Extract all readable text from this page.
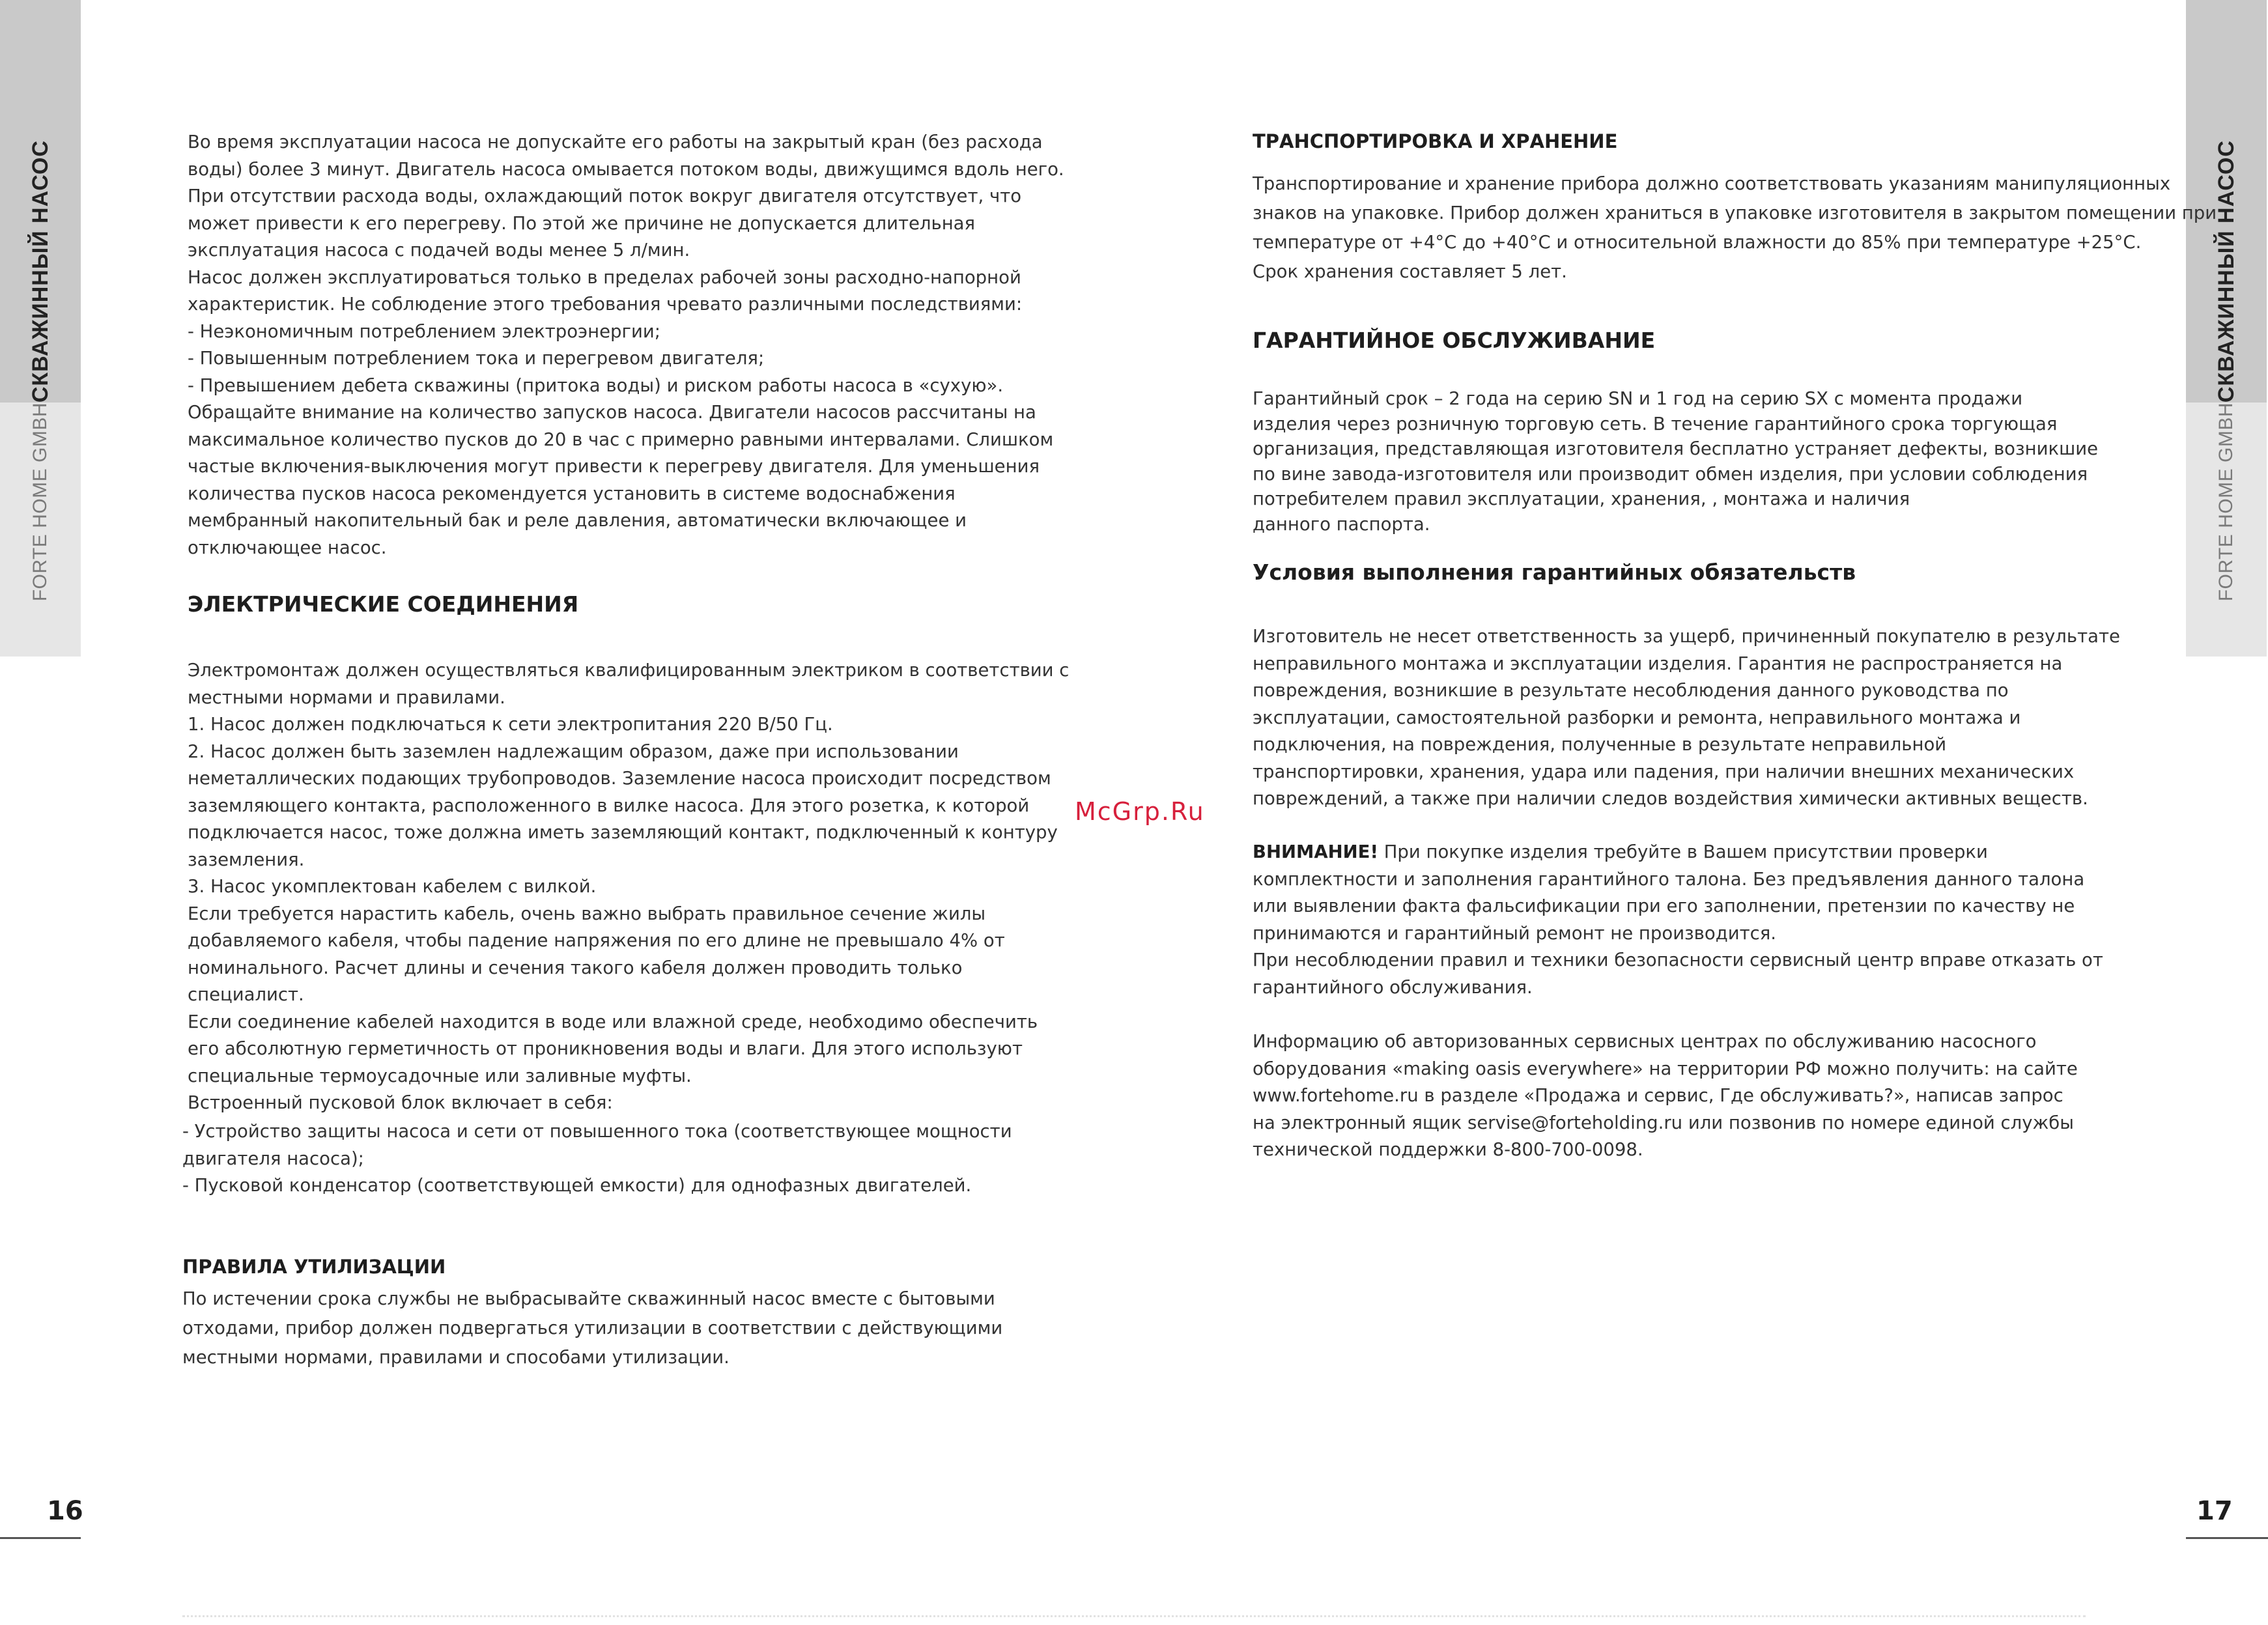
СКВАЖИННЫЙ НАСОС
FORTE HOME GMBH
СКВАЖИННЫЙ НАСОС
FORTE HOME GMBH
16	17
McGrp.Ru
Во время эксплуатации насоса не допускайте его работы на закрытый кран (без расхода
воды) более 3 минут. Двигатель насоса омывается потоком воды, движущимся вдоль него.
При отсутствии расхода воды, охлаждающий поток вокруг двигателя отсутствует, что
может привести к его перегреву. По этой же причине не допускается длительная
эксплуатация насоса с подачей воды менее 5 л/мин.
Насос должен эксплуатироваться только в пределах рабочей зоны расходно-напорной
характеристик. Не соблюдение этого требования чревато различными последствиями:
- Неэкономичным потреблением электроэнергии;
- Повышенным потреблением тока и перегревом двигателя;
- Превышением дебета скважины (притока воды) и риском работы насоса в «сухую».
Обращайте внимание на количество запусков насоса. Двигатели насосов рассчитаны на
максимальное количество пусков до 20 в час с примерно равными интервалами. Слишком
частые включения-выключения могут привести к перегреву двигателя. Для уменьшения
количества пусков насоса рекомендуется установить в системе водоснабжения
мембранный накопительный бак и реле давления, автоматически включающее и
отключающее насос.
ЭЛЕКТРИЧЕСКИЕ СОЕДИНЕНИЯ
Электромонтаж должен осуществляться квалифицированным электриком в соответствии с
местными нормами и правилами.
1. Насос должен подключаться к сети электропитания 220 В/50 Гц.
2. Насос должен быть заземлен надлежащим образом, даже при использовании
неметаллических подающих трубопроводов. Заземление насоса происходит посредством
заземляющего контакта, расположенного в вилке насоса. Для этого розетка, к которой
подключается насос, тоже должна иметь заземляющий контакт, подключенный к контуру
заземления.
3. Насос укомплектован кабелем с вилкой.
Если требуется нарастить кабель, очень важно выбрать правильное сечение жилы
добавляемого кабеля, чтобы падение напряжения по его длине не превышало 4% от
номинального. Расчет длины и сечения такого кабеля должен проводить только
специалист.
Если соединение кабелей находится в воде или влажной среде, необходимо обеспечить
его абсолютную герметичность от проникновения воды и влаги. Для этого используют
специальные термоусадочные или заливные муфты.
Встроенный пусковой блок включает в себя:
- Устройство защиты насоса и сети от повышенного тока (соответствующее мощности
двигателя насоса);
- Пусковой конденсатор (соответствующей емкости) для однофазных двигателей.
ПРАВИЛА УТИЛИЗАЦИИ
По истечении срока службы не выбрасывайте скважинный насос вместе с бытовыми
отходами, прибор должен подвергаться утилизации в соответствии с действующими
местными нормами, правилами и способами утилизации.
ТРАНСПОРТИРОВКА И ХРАНЕНИЕ
Транспортирование и хранение прибора должно соответствовать указаниям манипуляционных
знаков на упаковке. Прибор должен храниться в упаковке изготовителя в закрытом помещении при
температуре от +4°С до +40°С и относительной влажности до 85% при температуре +25°С.
Срок хранения составляет 5 лет.
ГАРАНТИЙНОЕ ОБСЛУЖИВАНИЕ
Гарантийный срок – 2 года на серию SN и 1 год на серию SX с момента продажи
изделия через розничную торговую сеть. В течение гарантийного срока торгующая
организация, представляющая изготовителя бесплатно устраняет дефекты, возникшие
по вине завода-изготовителя или производит обмен изделия, при условии соблюдения
потребителем правил эксплуатации, хранения, , монтажа и наличия
данного паспорта.
Условия выполнения гарантийных обязательств
Изготовитель не несет ответственность за ущерб, причиненный покупателю в результате
неправильного монтажа и эксплуатации изделия. Гарантия не распространяется на
повреждения, возникшие в результате несоблюдения данного руководства по
эксплуатации, самостоятельной разборки и ремонта, неправильного монтажа и
подключения, на повреждения, полученные в результате неправильной
транспортировки, хранения, удара или падения, при наличии внешних механических
повреждений, а также при наличии следов воздействия химически активных веществ.
ВНИМАНИЕ! При покупке изделия требуйте в Вашем присутствии проверки
комплектности и заполнения гарантийного талона. Без предъявления данного талона
или выявлении факта фальсификации при его заполнении, претензии по качеству не
принимаются и гарантийный ремонт не производится.
При несоблюдении правил и техники безопасности сервисный центр вправе отказать от
гарантийного обслуживания.
Информацию об авторизованных сервисных центрах по обслуживанию насосного
оборудования «making oasis everywhere» на территории РФ можно получить: на сайте
www.fortehome.ru в разделе «Продажа и сервис, Где обслуживать?», написав запрос
на электронный ящик servise@forteholding.ru или позвонив по номере единой службы
технической поддержки 8-800-700-0098.
